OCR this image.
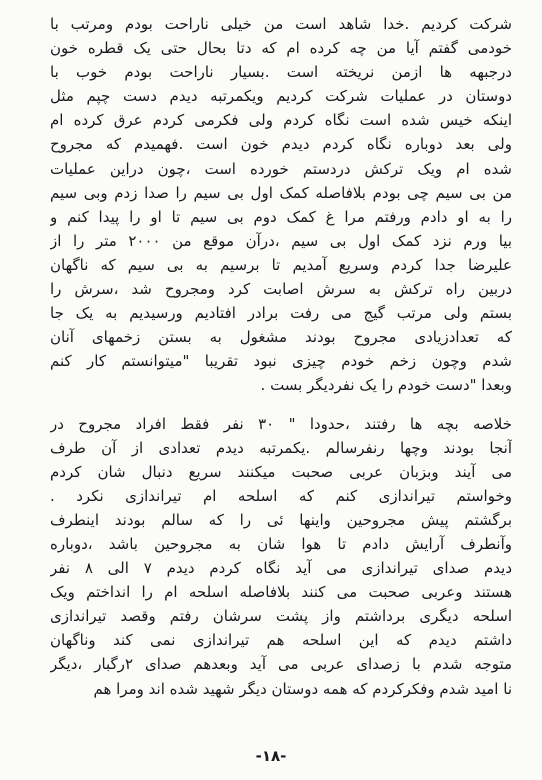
شرکت کردیم .خدا شاهد است من خیلی ناراحت بودم ومرتب با
خودمی گفتم آیا من چه کرده ام که دتا بحال حتی یک قطره خون
درجبهه ها ازمن نریخته است .بسیار ناراحت بودم خوب با
دوستان در عملیات شرکت کردیم ویکمرتبه دیدم دست چپم مثل
اینکه خیس شده است نگاه کردم ولی فکرمی کردم عرق کرده ام
ولی بعد دوباره نگاه کردم دیدم خون است .فهمیدم که مجروح
شده ام ویک ترکش دردستم خورده است ،چون دراین عملیات
من بی سیم چی بودم بلافاصله کمک اول بی سیم را صدا زدم وبی سیم
را به او دادم ورفتم مرا غ کمک دوم بی سیم تا او را پیدا کنم و
بیا ورم نزد کمک اول بی سیم ،درآن موقع من ۲۰۰۰ متر را از
علیرضا جدا کردم وسریع آمدیم تا برسیم به بی سیم که ناگهان
دربین راه ترکش به سرش اصابت کرد ومجروح شد ،سرش را
بستم ولی مرتب گیج می رفت برادر افتادیم ورسیدیم به یک جا
که تعدادزیادی مجروح بودند مشغول به بستن زخمهای آنان
شدم وچون زخم خودم چیزی نبود تقریبا "میتوانستم کار کنم
وبعدا "دست خودم را یک نفردیگر بست .
خلاصه بچه ها رفتند ،حدودا " ۳۰ نفر فقط افراد مجروح در
آنجا بودند وچها رنفرسالم .یکمرتبه دیدم تعدادی از آن طرف
می آیند وبزبان عربی صحبت میکنند سریع دنبال شان کردم
وخواستم تیراندازی کنم که اسلحه ام تیراندازی نکرد .
برگشتم پیش مجروحین واینها ئی را که سالم بودند اینطرف
وآنطرف آرایش دادم تا هوا شان به مجروحین باشد ،دوباره
دیدم صدای تیراندازی می آید نگاه کردم دیدم ۷ الی ۸ نفر
هستند وعربی صحبت می کنند بلافاصله اسلحه ام را انداختم ویک
اسلحه دیگری برداشتم واز پشت سرشان رفتم وقصد تیراندازی
داشتم دیدم که این اسلحه هم تیراندازی نمی کند وناگهان
متوجه شدم با زصدای عربی می آید وبعدهم صدای ۲رگبار ،دیگر
نا امید شدم وفکرکردم که همه دوستان دیگر شهید شده اند ومرا هم
-۱۸-
